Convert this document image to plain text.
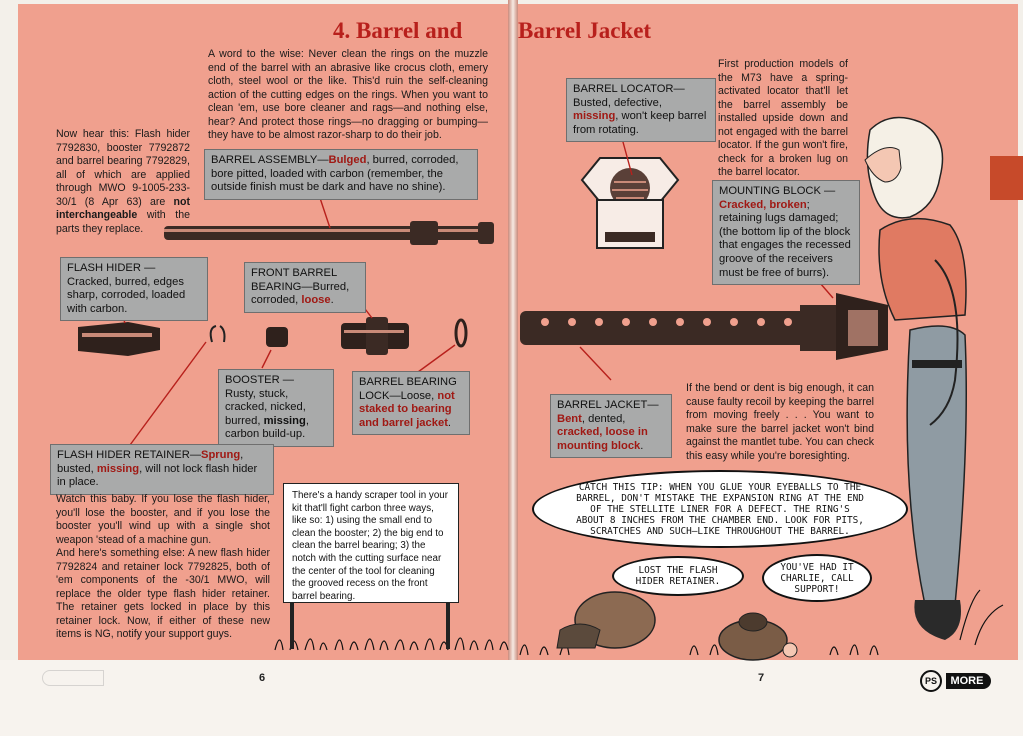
4. Barrel and Barrel Jacket
A word to the wise: Never clean the rings on the muzzle end of the barrel with an abrasive like crocus cloth, emery cloth, steel wool or the like. This'd ruin the self-cleaning action of the cutting edges on the rings. When you want to clean 'em, use bore cleaner and rags—and nothing else, hear? And protect those rings—no dragging or bumping—they have to be almost razor-sharp to do their job.
Now hear this: Flash hider 7792830, booster 7792872 and barrel bearing 7792829, all of which are applied through MWO 9-1005-233-30/1 (8 Apr 63) are not interchangeable with the parts they replace.
BARREL ASSEMBLY—Bulged, burred, corroded, bore pitted, loaded with carbon (remember, the outside finish must be dark and have no shine).
FLASH HIDER — Cracked, burred, edges sharp, corroded, loaded with carbon.
FRONT BARREL BEARING—Burred, corroded, loose.
BOOSTER — Rusty, stuck, cracked, nicked, burred, missing, carbon build-up.
BARREL BEARING LOCK—Loose, not staked to bearing and barrel jacket.
FLASH HIDER RETAINER—Sprung, busted, missing, will not lock flash hider in place.
Watch this baby. If you lose the flash hider, you'll lose the booster, and if you lose the booster you'll wind up with a single shot weapon 'stead of a machine gun.
And here's something else: A new flash hider 7792824 and retainer lock 7792825, both of 'em components of the -30/1 MWO, will replace the older type flash hider retainer. The retainer gets locked in place by this retainer lock. Now, if either of these new items is NG, notify your support guys.
There's a handy scraper tool in your kit that'll fight carbon three ways, like so: 1) using the small end to clean the booster; 2) the big end to clean the barrel bearing; 3) the notch with the cutting surface near the center of the tool for cleaning the grooved recess on the front barrel bearing.
6
BARREL LOCATOR—Busted, defective, missing, won't keep barrel from rotating.
First production models of the M73 have a spring-activated locator that'll let the barrel assembly be installed upside down and not engaged with the barrel locator. If the gun won't fire, check for a broken lug on the barrel locator.
MOUNTING BLOCK — Cracked, broken; retaining lugs damaged; (the bottom lip of the block that engages the recessed groove of the receivers must be free of burrs).
BARREL JACKET—Bent, dented, cracked, loose in mounting block.
If the bend or dent is big enough, it can cause faulty recoil by keeping the barrel from moving freely . . . You want to make sure the barrel jacket won't bind against the mantlet tube. You can check this easy while you're boresighting.
CATCH THIS TIP: WHEN YOU GLUE YOUR EYEBALLS TO THE BARREL, DON'T MISTAKE THE EXPANSION RING AT THE END OF THE STELLITE LINER FOR A DEFECT. THE RING'S ABOUT 8 INCHES FROM THE CHAMBER END. LOOK FOR PITS, SCRATCHES AND SUCH—LIKE THROUGHOUT THE BARREL.
LOST THE FLASH HIDER RETAINER.
YOU'VE HAD IT CHARLIE, CALL SUPPORT!
7	PS MORE
